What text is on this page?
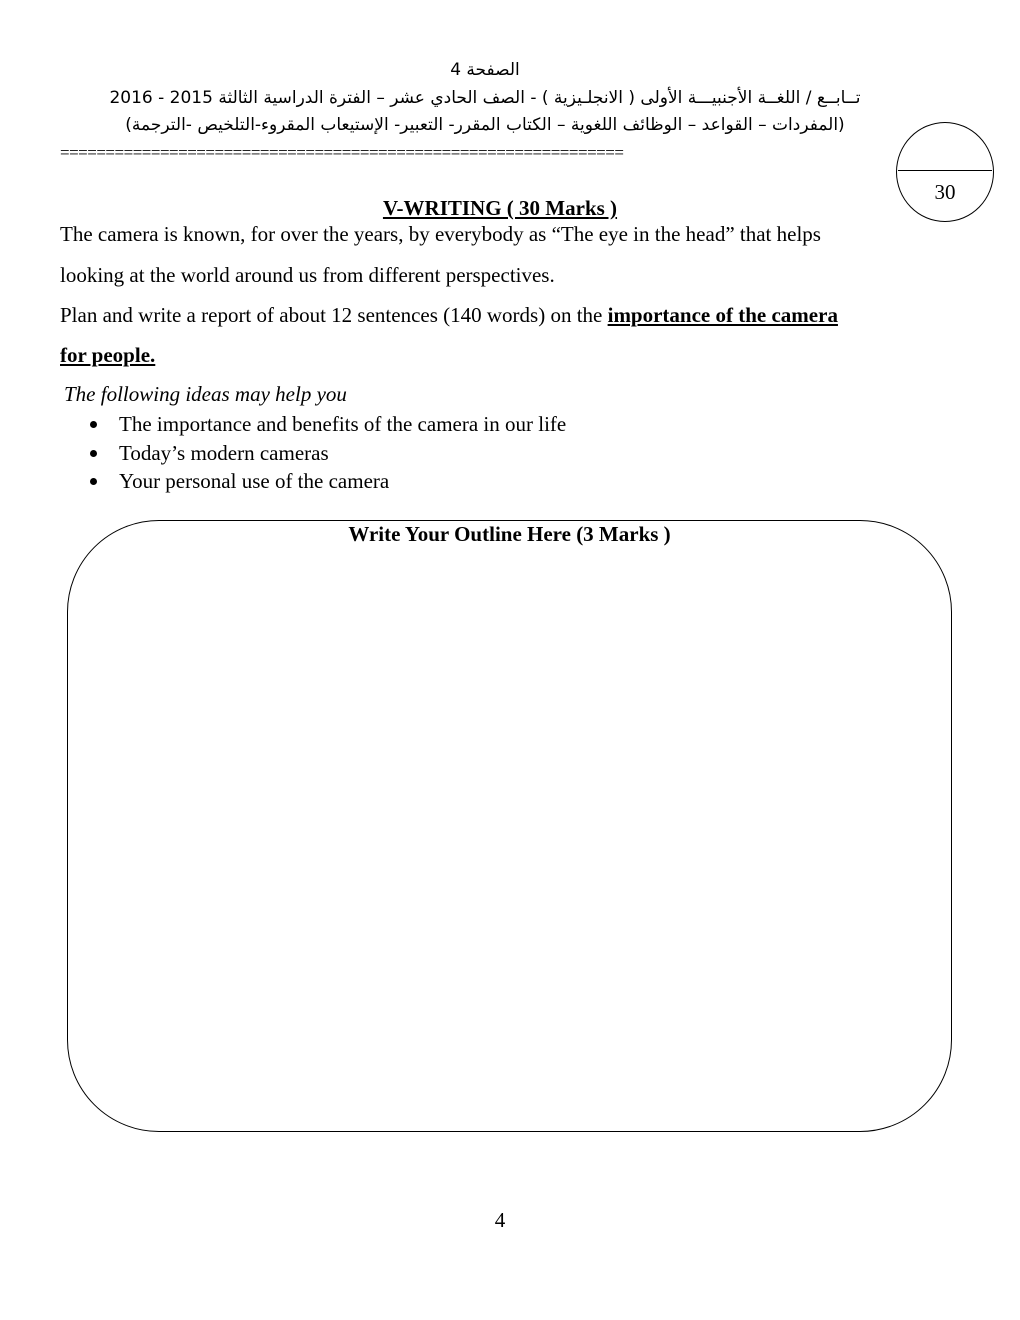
الصفحة 4
تــابــع / اللغــة الأجنبيـــة الأولى ( الانجلـيزية ) - الصف الحادي عشر – الفترة الدراسية الثالثة 2015 - 2016
(المفردات – القواعد – الوظائف اللغوية – الكتاب المقرر- التعبير- الإستيعاب المقروء-التلخيص -الترجمة)
==============================================================
30
V-WRITING ( 30 Marks )
The camera is known, for over the years, by everybody as “The eye in the head” that helps
looking at the world around us from different perspectives.
Plan and write a report of about 12 sentences (140 words) on the importance of the camera
for people.
The following ideas may help you
The importance and benefits of the camera in our life
Today’s modern cameras
Your personal use of the camera
Write Your Outline Here (3 Marks )
4
